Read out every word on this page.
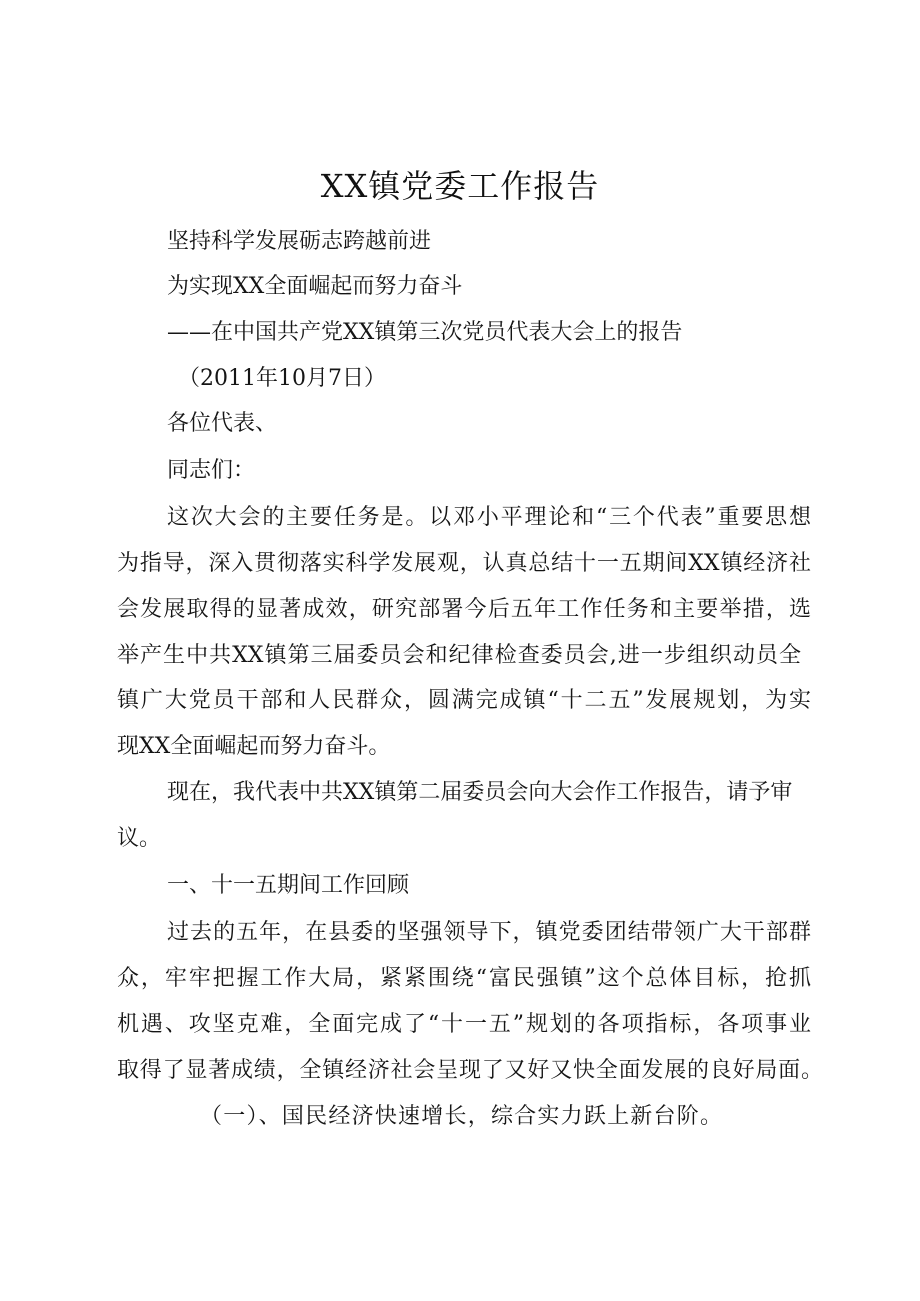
XX镇党委工作报告
坚持科学发展砺志跨越前进
为实现XX全面崛起而努力奋斗
——在中国共产党XX镇第三次党员代表大会上的报告
（2011年10月7日）
各位代表、
同志们：
这次大会的主要任务是。以邓小平理论和“三个代表”重要思想
为指导，深入贯彻落实科学发展观，认真总结十一五期间XX镇经济社
会发展取得的显著成效，研究部署今后五年工作任务和主要举措，选
举产生中共XX镇第三届委员会和纪律检查委员会,进一步组织动员全
镇广大党员干部和人民群众，圆满完成镇“十二五”发展规划，为实
现XX全面崛起而努力奋斗。
现在，我代表中共XX镇第二届委员会向大会作工作报告，请予审
议。
一、十一五期间工作回顾
过去的五年，在县委的坚强领导下，镇党委团结带领广大干部群
众，牢牢把握工作大局，紧紧围绕“富民强镇”这个总体目标，抢抓
机遇、攻坚克难，全面完成了“十一五”规划的各项指标，各项事业
取得了显著成绩，全镇经济社会呈现了又好又快全面发展的良好局面。
（一）、国民经济快速增长，综合实力跃上新台阶。
